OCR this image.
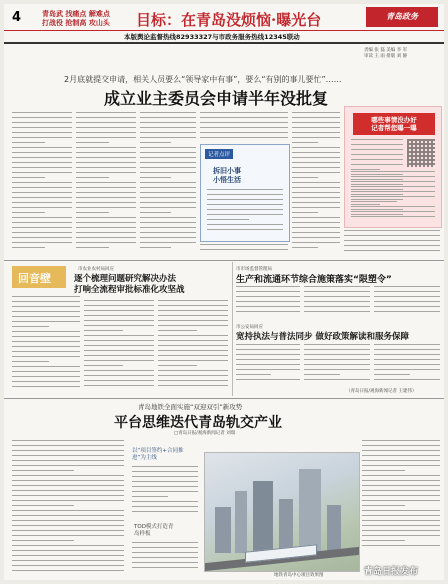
4	青岛武 找痛点 解难点
打战役 抢制高 攻山头	目标：在青岛没烦恼·曝光台	青岛政务
本版舆论监督热线82933327与市政务服务热线12345联动
责编 张 磊 美编 李 军
审读 王 雨 排版 刘 静
2月底就提交申请，相关人员要么“领导家中有事”，要么“有别的事儿要忙”……
成立业主委员会申请半年没批复
记者点评
拆旧小事
小悟生活
哪些事情没办好
记者帮您曝一曝
回音壁
市农业农村局回应
逐个梳理问题研究解决办法
打响全流程审批标准化攻坚战
市市场监督管理局
生产和流通环节综合施策落实“限塑令”
市公安局回应
宽持执法与普法同步 做好政策解读和服务保障
（青岛日报/观海新闻记者 王建伟）
青岛地铁全面实施“双迎双引”新攻势
平台思维迭代青岛轨交产业
□青岛日报/观海新闻记者 刘瑞
以“项目签约+合同推
进”为主线
TOD模式打造青
岛样板
地铁青岛中心项目效果图	青岛日报发布
